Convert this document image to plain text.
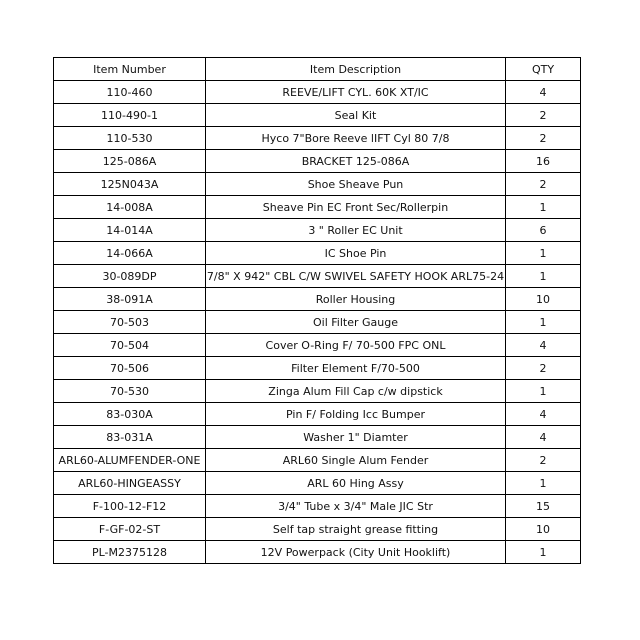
Item Number	Item Description	QTY
110-460	REEVE/LIFT CYL. 60K XT/IC	4
110-490-1	Seal Kit	2
110-530	Hyco 7"Bore Reeve lIFT Cyl 80 7/8	2
125-086A	BRACKET 125-086A	16
125N043A	Shoe Sheave Pun	2
14-008A	Sheave Pin EC Front Sec/Rollerpin	1
14-014A	3 " Roller EC Unit	6
14-066A	IC Shoe Pin	1
30-089DP	7/8" X 942" CBL C/W SWIVEL SAFETY HOOK ARL75-24	1
38-091A	Roller Housing	10
70-503	Oil Filter Gauge	1
70-504	Cover O-Ring F/ 70-500 FPC ONL	4
70-506	Filter Element F/70-500	2
70-530	Zinga Alum Fill Cap c/w dipstick	1
83-030A	Pin F/ Folding Icc Bumper	4
83-031A	Washer 1" Diamter	4
ARL60-ALUMFENDER-ONE	ARL60 Single Alum Fender	2
ARL60-HINGEASSY	ARL 60 Hing Assy	1
F-100-12-F12	3/4" Tube x 3/4" Male JIC Str	15
F-GF-02-ST	Self tap straight grease fitting	10
PL-M2375128	12V Powerpack (City Unit Hooklift)	1
